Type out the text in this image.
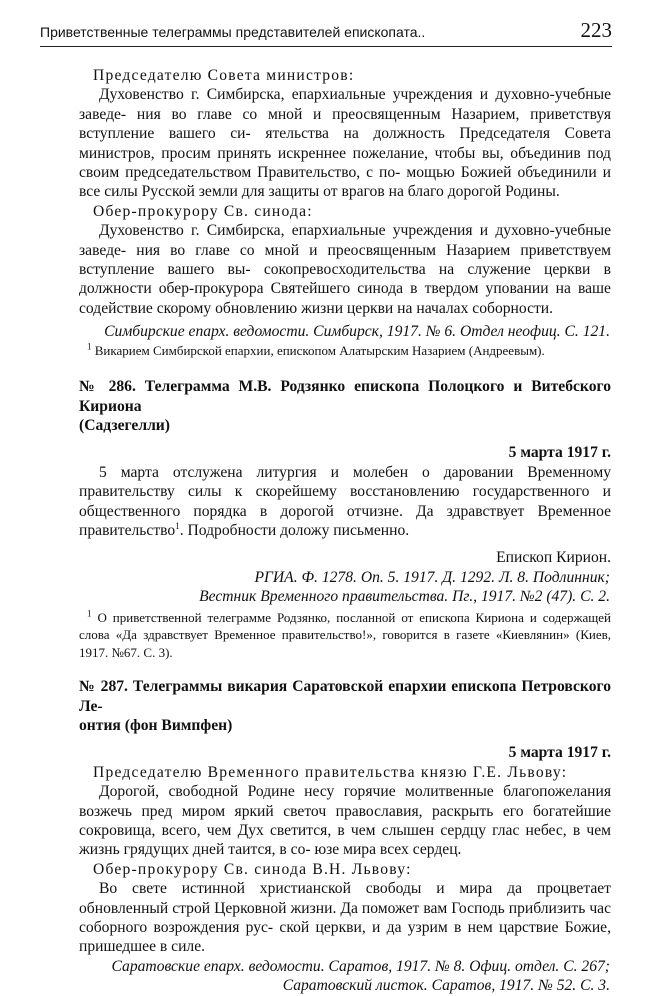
Приветственные телеграммы представителей епископата..	223
Председателю Совета министров:

Духовенство г. Симбирска, епархиальные учреждения и духовно-учебные заведе- ния во главе со мной и преосвященным Назарием, приветствуя вступление вашего си- ятельства на должность Председателя Совета министров, просим принять искреннее пожелание, чтобы вы, объединив под своим председательством Правительство, с по- мощью Божией объединили и все силы Русской земли для защиты от врагов на благо дорогой Родины.

Обер-прокурору Св. синода:

Духовенство г. Симбирска, епархиальные учреждения и духовно-учебные заведе- ния во главе со мной и преосвященным Назарием приветствуем вступление вашего вы- сокопревосходительства на служение церкви в должности обер-прокурора Святейшего синода в твердом уповании на ваше содействие скорому обновлению жизни церкви на началах соборности.

Симбирские епарх. ведомости. Симбирск, 1917. № 6. Отдел неофиц. С. 121.
$^1$ Викарием Симбирской епархии, епископом Алатырским Назарием (Андреевым).
№ 286. Телеграмма М.В. Родзянко епископа Полоцкого и Витебского Кириона
(Садзегелли)
5 марта 1917 г.

5 марта отслужена литургия и молебен о даровании Временному правительству силы к скорейшему восстановлению государственного и общественного порядка в дорогой отчизне. Да здравствует Временное правительство$^1$. Подробности доложу письменно.

Епископ Кирион.
РГИА. Ф. 1278. Оп. 5. 1917. Д. 1292. Л. 8. Подлинник;
Вестник Временного правительства. Пг., 1917. №2 (47). С. 2.
$^1$ О приветственной телеграмме Родзянко, посланной от епископа Кириона и содержащей слова «Да здравствует Временное правительство!», говорится в газете «Киевлянин» (Киев, 1917. №67. С. 3).
№ 287. Телеграммы викария Саратовской епархии епископа Петровского Ле-
онтия (фон Вимпфен)
5 марта 1917 г.
Председателю Временного правительства князю Г.Е. Львову:

Дорогой, свободной Родине несу горячие молитвенные благопожелания возжечь пред миром яркий светоч православия, раскрыть его богатейшие сокровища, всего, чем Дух светится, в чем слышен сердцу глас небес, в чем жизнь грядущих дней таится, в со- юзе мира всех сердец.

Обер-прокурору Св. синода В.Н. Львову:

Во свете истинной христианской свободы и мира да процветает обновленный строй Церковной жизни. Да поможет вам Господь приблизить час соборного возрождения рус- ской церкви, и да узрим в нем царствие Божие, пришедшее в силе.

Саратовские епарх. ведомости. Саратов, 1917. № 8. Офиц. отдел. С. 267;
Саратовский листок. Саратов, 1917. № 52. С. 3.
